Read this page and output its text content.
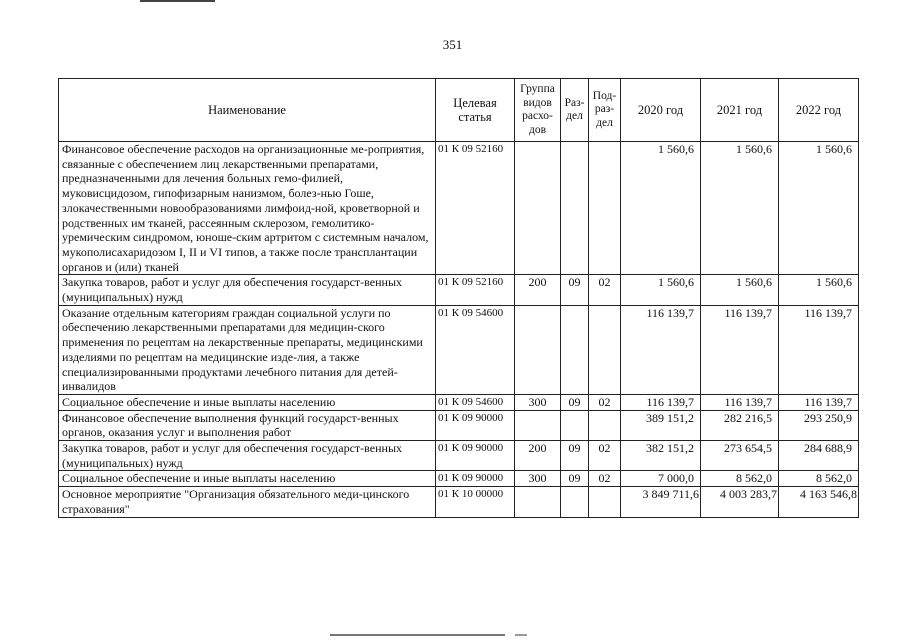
351
Наименование	Целевая статья	Группа видов расхо-дов	Раз-дел	Под-раз-дел	2020 год	2021 год	2022 год
Финансовое обеспечение расходов на организационные ме-роприятия, связанные с обеспечением лиц лекарственными препаратами, предназначенными для лечения больных гемо-филией, муковисцидозом, гипофизарным нанизмом, болез-нью Гоше, злокачественными новообразованиями лимфоид-ной, кроветворной и родственных им тканей, рассеянным склерозом, гемолитико-уремическим синдромом, юноше-ским артритом с системным началом, мукополисахаридозом I, II и VI типов, а также после трансплантации органов и (или) тканей	01 К 09 52160				1 560,6	1 560,6	1 560,6
Закупка товаров, работ и услуг для обеспечения государст-венных (муниципальных) нужд	01 К 09 52160	200	09	02	1 560,6	1 560,6	1 560,6
Оказание отдельным категориям граждан социальной услуги по обеспечению лекарственными препаратами для медицин-ского применения по рецептам на лекарственные препараты, медицинскими изделиями по рецептам на медицинские изде-лия, а также специализированными продуктами лечебного питания для детей-инвалидов	01 К 09 54600				116 139,7	116 139,7	116 139,7
Социальное обеспечение и иные выплаты населению	01 К 09 54600	300	09	02	116 139,7	116 139,7	116 139,7
Финансовое обеспечение выполнения функций государст-венных органов, оказания услуг и выполнения работ	01 К 09 90000				389 151,2	282 216,5	293 250,9
Закупка товаров, работ и услуг для обеспечения государст-венных (муниципальных) нужд	01 К 09 90000	200	09	02	382 151,2	273 654,5	284 688,9
Социальное обеспечение и иные выплаты населению	01 К 09 90000	300	09	02	7 000,0	8 562,0	8 562,0
Основное мероприятие "Организация обязательного меди-цинского страхования"	01 К 10 00000				3 849 711,6	4 003 283,7	4 163 546,8
